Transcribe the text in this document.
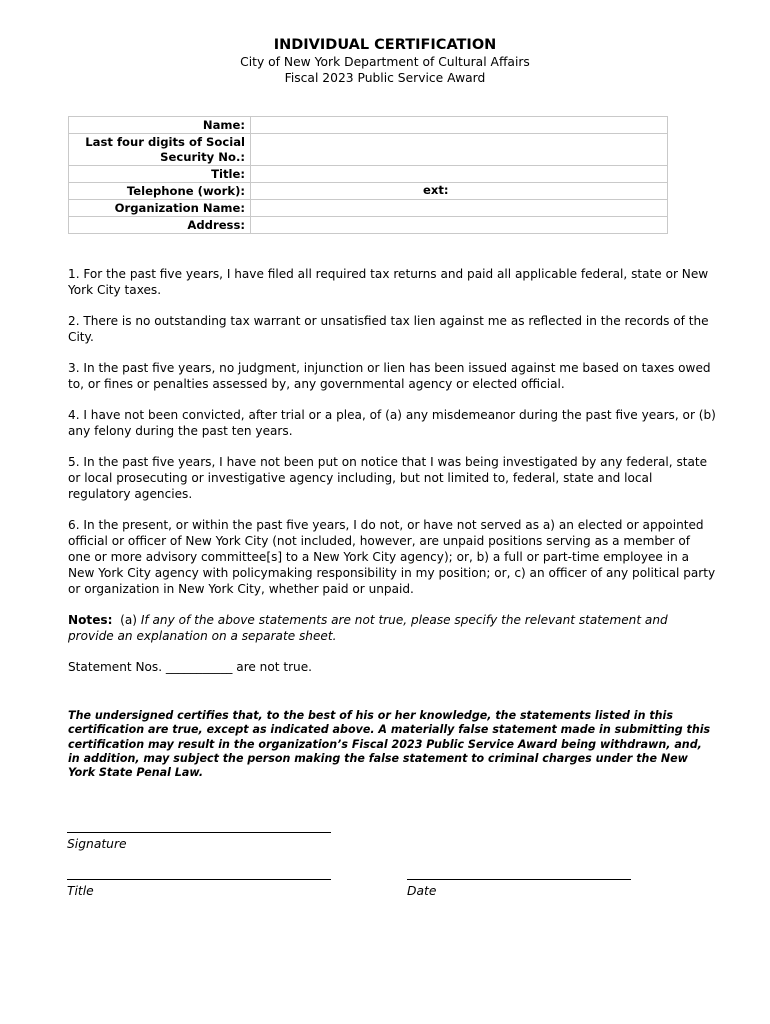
INDIVIDUAL CERTIFICATION
City of New York Department of Cultural Affairs
Fiscal 2023 Public Service Award
Name:	

Last four digits of Social
Security No.:	

Title:	
Telephone (work):	ext:

Organization Name:	
Address:	

1. For the past five years, I have filed all required tax returns and paid all applicable federal, state or New York City taxes.

2. There is no outstanding tax warrant or unsatisfied tax lien against me as reflected in the records of the City.

3. In the past five years, no judgment, injunction or lien has been issued against me based on taxes owed to, or fines or penalties assessed by, any governmental agency or elected official.

4. I have not been convicted, after trial or a plea, of (a) any misdemeanor during the past five years, or (b) any felony during the past ten years.

5. In the past five years, I have not been put on notice that I was being investigated by any federal, state or local prosecuting or investigative agency including, but not limited to, federal, state and local regulatory agencies.

6. In the present, or within the past five years, I do not, or have not served as a) an elected or appointed official or officer of New York City (not included, however, are unpaid positions serving as a member of one or more advisory committee[s] to a New York City agency); or, b) a full or part-time employee in a New York City agency with policymaking responsibility in my position; or, c) an officer of any political party or organization in New York City, whether paid or unpaid.

Notes:  (a) If any of the above statements are not true, please specify the relevant statement and provide an explanation on a separate sheet.

Statement Nos. ___________ are not true.

The undersigned certifies that, to the best of his or her knowledge, the statements listed in this certification are true, except as indicated above. A materially false statement made in submitting this certification may result in the organization’s Fiscal 2023 Public Service Award being withdrawn, and, in addition, may subject the person making the false statement to criminal charges under the New York State Penal Law.

Signature
Title	Date
